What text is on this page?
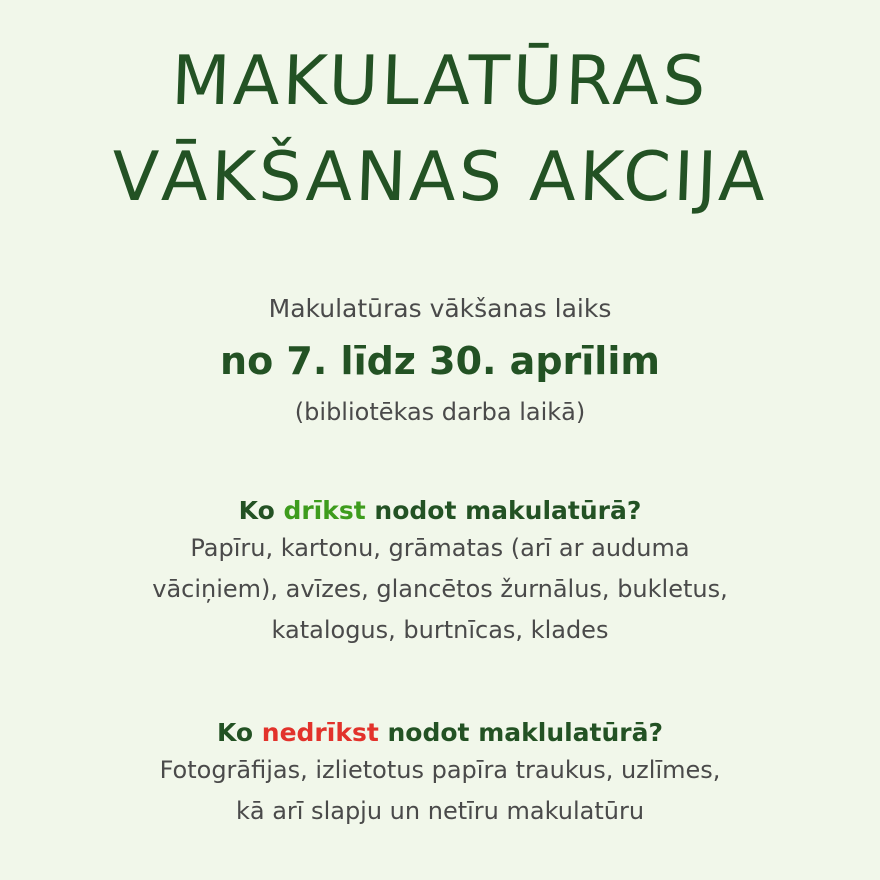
MAKULATŪRAS
VĀKŠANAS AKCIJA
Makulatūras vākšanas laiks
no 7. līdz 30. aprīlim
(bibliotēkas darba laikā)

Ko drīkst nodot makulatūrā?

Papīru, kartonu, grāmatas (arī ar auduma
vāciņiem), avīzes, glancētos žurnālus, bukletus,
katalogus, burtnīcas, klades

Ko nedrīkst nodot maklulatūrā?

Fotogrāfijas, izlietotus papīra traukus, uzlīmes,
kā arī slapju un netīru makulatūru
